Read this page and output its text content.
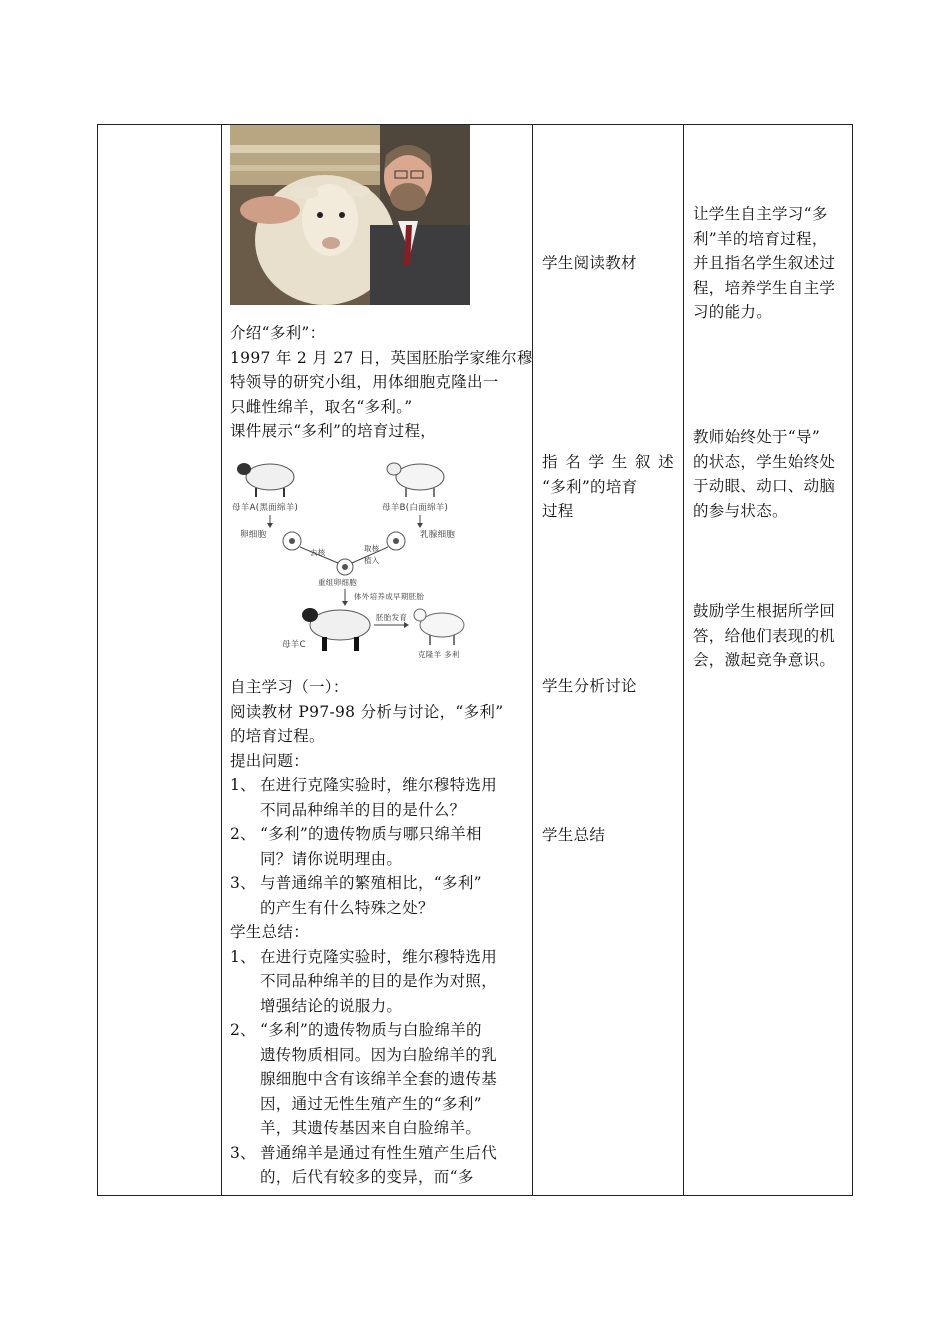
介绍“多利”：
1997 年 2 月 27 日，英国胚胎学家维尔穆
特领导的研究小组，用体细胞克隆出一
只雌性绵羊，取名“多利。”
课件展示“多利”的培育过程，
母羊A(黑面绵羊)
卵细胞
母羊B(白面绵羊)
乳腺细胞
去核	取核
植入
重组卵细胞
体外培养成早期胚胎
母羊C
胚胎发育
克隆羊 多利
自主学习（一）：
阅读教材 P97-98 分析与讨论，“多利”
的培育过程。
提出问题：
1、 在进行克隆实验时，维尔穆特选用
不同品种绵羊的目的是什么？
2、 “多利”的遗传物质与哪只绵羊相
同？请你说明理由。
3、 与普通绵羊的繁殖相比，“多利”
的产生有什么特殊之处？
学生总结：
1、 在进行克隆实验时，维尔穆特选用
不同品种绵羊的目的是作为对照，
增强结论的说服力。
2、 “多利”的遗传物质与白脸绵羊的
遗传物质相同。因为白脸绵羊的乳
腺细胞中含有该绵羊全套的遗传基
因，通过无性生殖产生的“多利”
羊，其遗传基因来自白脸绵羊。
3、 普通绵羊是通过有性生殖产生后代
的，后代有较多的变异，而“多
学生阅读教材
指 名 学 生 叙 述
“多利”的培育
过程
学生分析讨论
学生总结
让学生自主学习“多
利”羊的培育过程，
并且指名学生叙述过
程，培养学生自主学
习的能力。
教师始终处于“导”
的状态，学生始终处
于动眼、动口、动脑
的参与状态。
鼓励学生根据所学回
答，给他们表现的机
会，激起竞争意识。
